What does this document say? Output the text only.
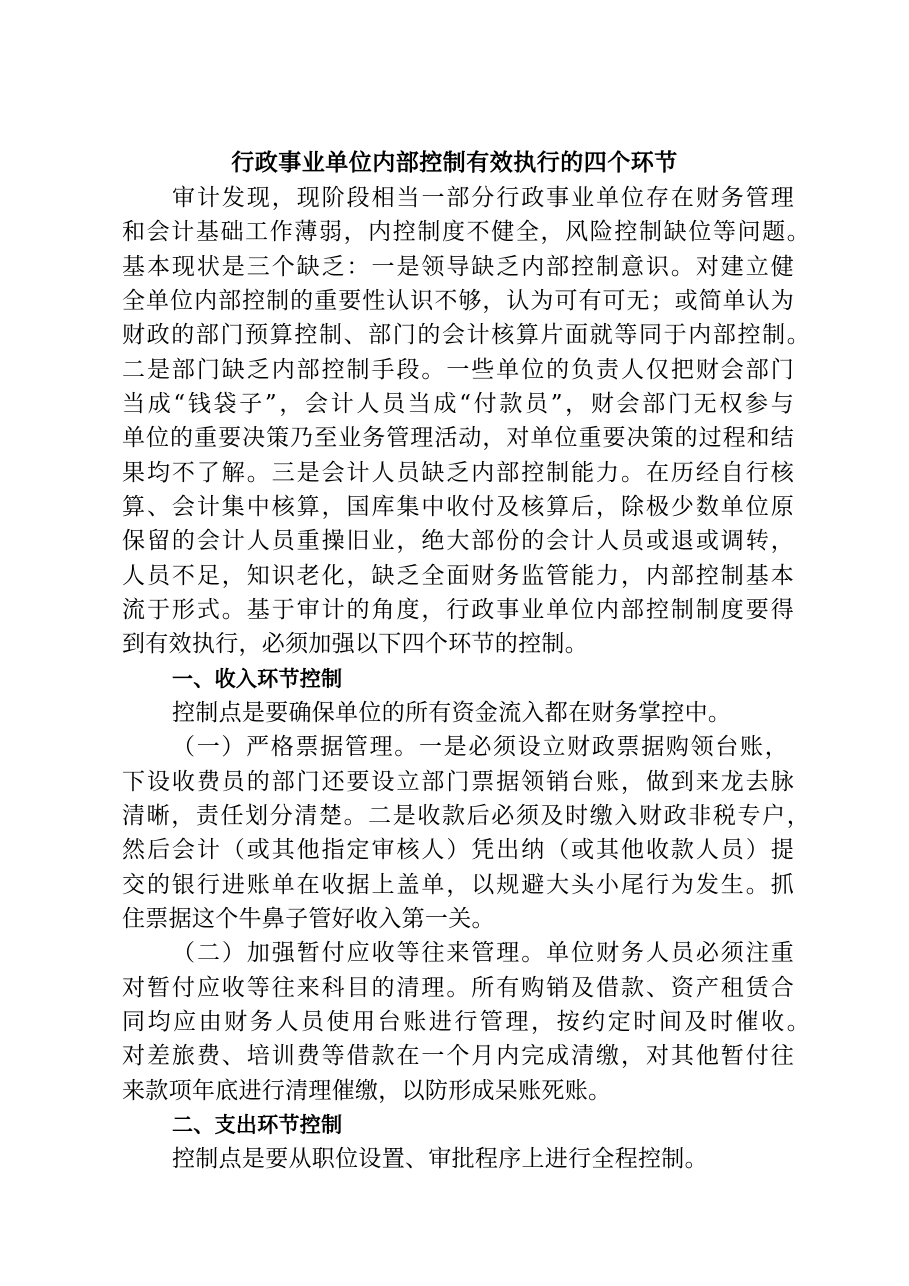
行政事业单位内部控制有效执行的四个环节
审计发现，现阶段相当一部分行政事业单位存在财务管理
和会计基础工作薄弱，内控制度不健全，风险控制缺位等问题。
基本现状是三个缺乏：一是领导缺乏内部控制意识。对建立健
全单位内部控制的重要性认识不够，认为可有可无；或简单认为
财政的部门预算控制、部门的会计核算片面就等同于内部控制。
二是部门缺乏内部控制手段。一些单位的负责人仅把财会部门
当成“钱袋子”，会计人员当成“付款员”，财会部门无权参与
单位的重要决策乃至业务管理活动，对单位重要决策的过程和结
果均不了解。三是会计人员缺乏内部控制能力。在历经自行核
算、会计集中核算，国库集中收付及核算后，除极少数单位原
保留的会计人员重操旧业，绝大部份的会计人员或退或调转，
人员不足，知识老化，缺乏全面财务监管能力，内部控制基本
流于形式。基于审计的角度，行政事业单位内部控制制度要得
到有效执行，必须加强以下四个环节的控制。
一、收入环节控制
控制点是要确保单位的所有资金流入都在财务掌控中。
（一）严格票据管理。一是必须设立财政票据购领台账，
下设收费员的部门还要设立部门票据领销台账，做到来龙去脉
清晰，责任划分清楚。二是收款后必须及时缴入财政非税专户，
然后会计（或其他指定审核人）凭出纳（或其他收款人员）提
交的银行进账单在收据上盖单，以规避大头小尾行为发生。抓
住票据这个牛鼻子管好收入第一关。
（二）加强暂付应收等往来管理。单位财务人员必须注重
对暂付应收等往来科目的清理。所有购销及借款、资产租赁合
同均应由财务人员使用台账进行管理，按约定时间及时催收。
对差旅费、培训费等借款在一个月内完成清缴，对其他暂付往
来款项年底进行清理催缴，以防形成呆账死账。
二、支出环节控制
控制点是要从职位设置、审批程序上进行全程控制。
